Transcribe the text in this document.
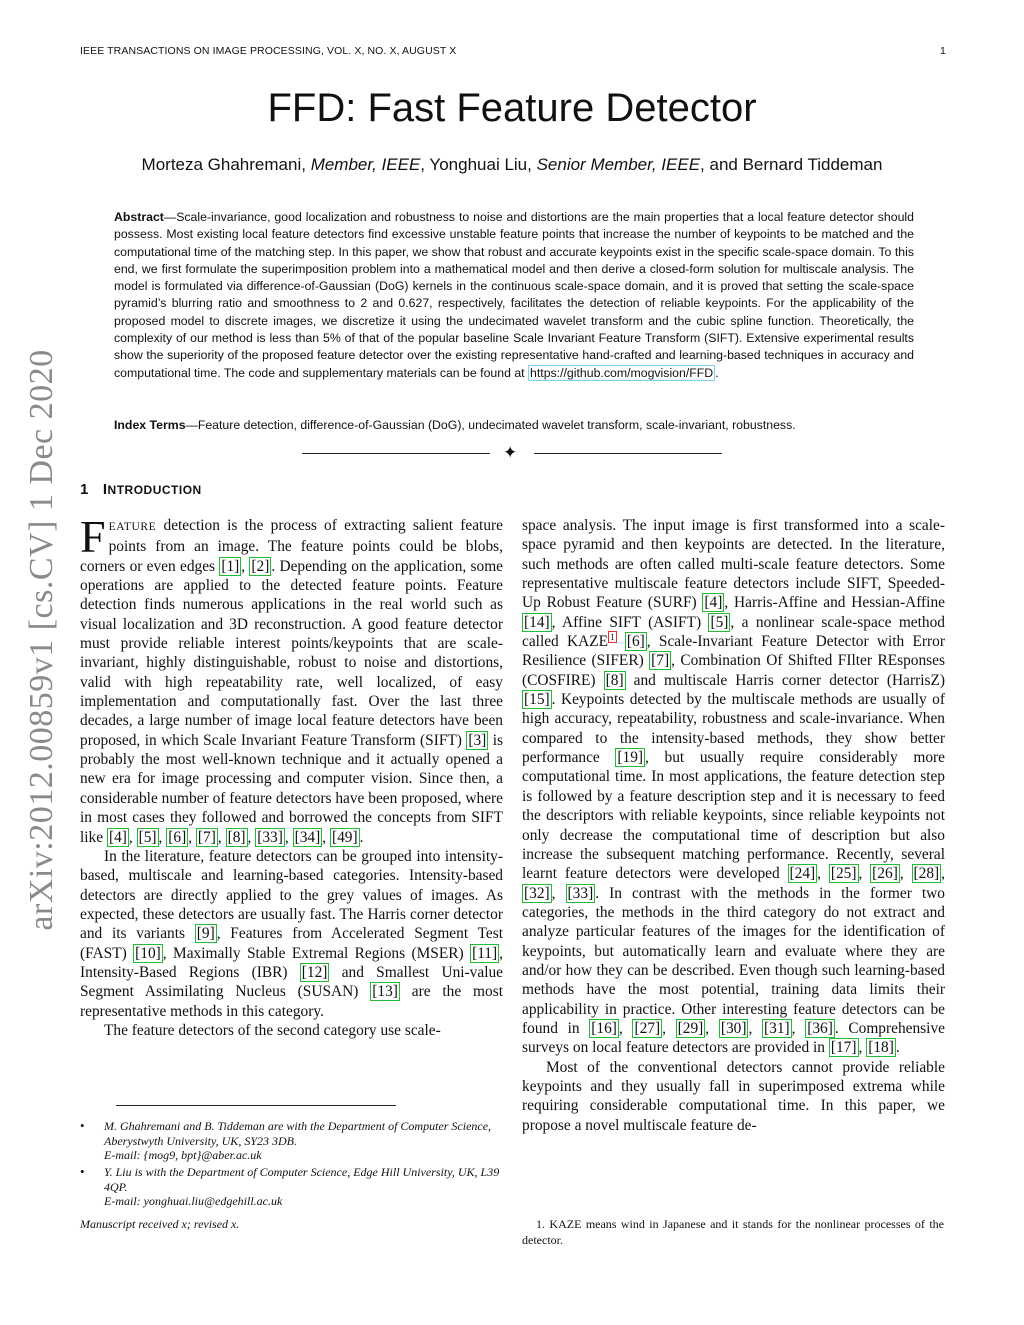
IEEE TRANSACTIONS ON IMAGE PROCESSING, VOL. X, NO. X, AUGUST X	1
arXiv:2012.00859v1 [cs.CV] 1 Dec 2020
FFD: Fast Feature Detector
Morteza Ghahremani, Member, IEEE, Yonghuai Liu, Senior Member, IEEE, and Bernard Tiddeman

Abstract—Scale-invariance, good localization and robustness to noise and distortions are the main properties that a local feature detector should possess. Most existing local feature detectors find excessive unstable feature points that increase the number of keypoints to be matched and the computational time of the matching step. In this paper, we show that robust and accurate keypoints exist in the specific scale-space domain. To this end, we first formulate the superimposition problem into a mathematical model and then derive a closed-form solution for multiscale analysis. The model is formulated via difference-of-Gaussian (DoG) kernels in the continuous scale-space domain, and it is proved that setting the scale-space pyramid’s blurring ratio and smoothness to 2 and 0.627, respectively, facilitates the detection of reliable keypoints. For the applicability of the proposed model to discrete images, we discretize it using the undecimated wavelet transform and the cubic spline function. Theoretically, the complexity of our method is less than 5% of that of the popular baseline Scale Invariant Feature Transform (SIFT). Extensive experimental results show the superiority of the proposed feature detector over the existing representative hand-crafted and learning-based techniques in accuracy and computational time. The code and supplementary materials can be found at https://github.com/mogvision/FFD .

Index Terms—Feature detection, difference-of-Gaussian (DoG), undecimated wavelet transform, scale-invariant, robustness.

✦
1 INTRODUCTION

FEATURE detection is the process of extracting salient feature points from an image. The feature points could be blobs, corners or even edges [1] , [2] . Depending on the application, some operations are applied to the detected feature points. Feature detection finds numerous applications in the real world such as visual localization and 3D reconstruction. A good feature detector must provide reliable interest points/keypoints that are scale-invariant, highly distinguishable, robust to noise and distortions, valid with high repeatability rate, well localized, of easy implementation and computationally fast. Over the last three decades, a large number of image local feature detectors have been proposed, in which Scale Invariant Feature Transform (SIFT) [3] is probably the most well-known technique and it actually opened a new era for image processing and computer vision. Since then, a considerable number of feature detectors have been proposed, where in most cases they followed and borrowed the concepts from SIFT like [4] , [5] , [6] , [7] , [8] , [33] , [34] , [49] .

In the literature, feature detectors can be grouped into intensity-based, multiscale and learning-based categories. Intensity-based detectors are directly applied to the grey values of images. As expected, these detectors are usually fast. The Harris corner detector and its variants [9] , Features from Accelerated Segment Test (FAST) [10] , Maximally Stable Extremal Regions (MSER) [11] , Intensity-Based Regions (IBR) [12] and Smallest Uni-value Segment Assimilating Nucleus (SUSAN) [13] are the most representative methods in this category.

The feature detectors of the second category use scale-

space analysis. The input image is first transformed into a scale-space pyramid and then keypoints are detected. In the literature, such methods are often called multi-scale feature detectors. Some representative multiscale feature detectors include SIFT, Speeded-Up Robust Feature (SURF) [4] , Harris-Affine and Hessian-Affine [14] , Affine SIFT (ASIFT) [5] , a nonlinear scale-space method called KAZE $^1$ [6] , Scale-Invariant Feature Detector with Error Resilience (SIFER) [7] , Combination Of Shifted FIlter REsponses (COSFIRE) [8] and multiscale Harris corner detector (HarrisZ) [15] . Keypoints detected by the multiscale methods are usually of high accuracy, repeatability, robustness and scale-invariance. When compared to the intensity-based methods, they show better performance [19] , but usually require considerably more computational time. In most applications, the feature detection step is followed by a feature description step and it is necessary to feed the descriptors with reliable keypoints, since reliable keypoints not only decrease the computational time of description but also increase the subsequent matching performance. Recently, several learnt feature detectors were developed [24] , [25] , [26] , [28] , [32] , [33] . In contrast with the methods in the former two categories, the methods in the third category do not extract and analyze particular features of the images for the identification of keypoints, but automatically learn and evaluate where they are and/or how they can be described. Even though such learning-based methods have the most potential, training data limits their applicability in practice. Other interesting feature detectors can be found in [16] , [27] , [29] , [30] , [31] , [36] . Comprehensive surveys on local feature detectors are provided in [17] , [18] .

Most of the conventional detectors cannot provide reliable keypoints and they usually fall in superimposed extrema while requiring considerable computational time. In this paper, we propose a novel multiscale feature de-

• M. Ghahremani and B. Tiddeman are with the Department of Computer Science, Aberystwyth University, UK, SY23 3DB.
E-mail: {mog9, bpt}@aber.ac.uk
• Y. Liu is with the Department of Computer Science, Edge Hill University, UK, L39 4QP.
E-mail: yonghuai.liu@edgehill.ac.uk
Manuscript received x; revised x.	1. KAZE means wind in Japanese and it stands for the nonlinear processes of the detector.
